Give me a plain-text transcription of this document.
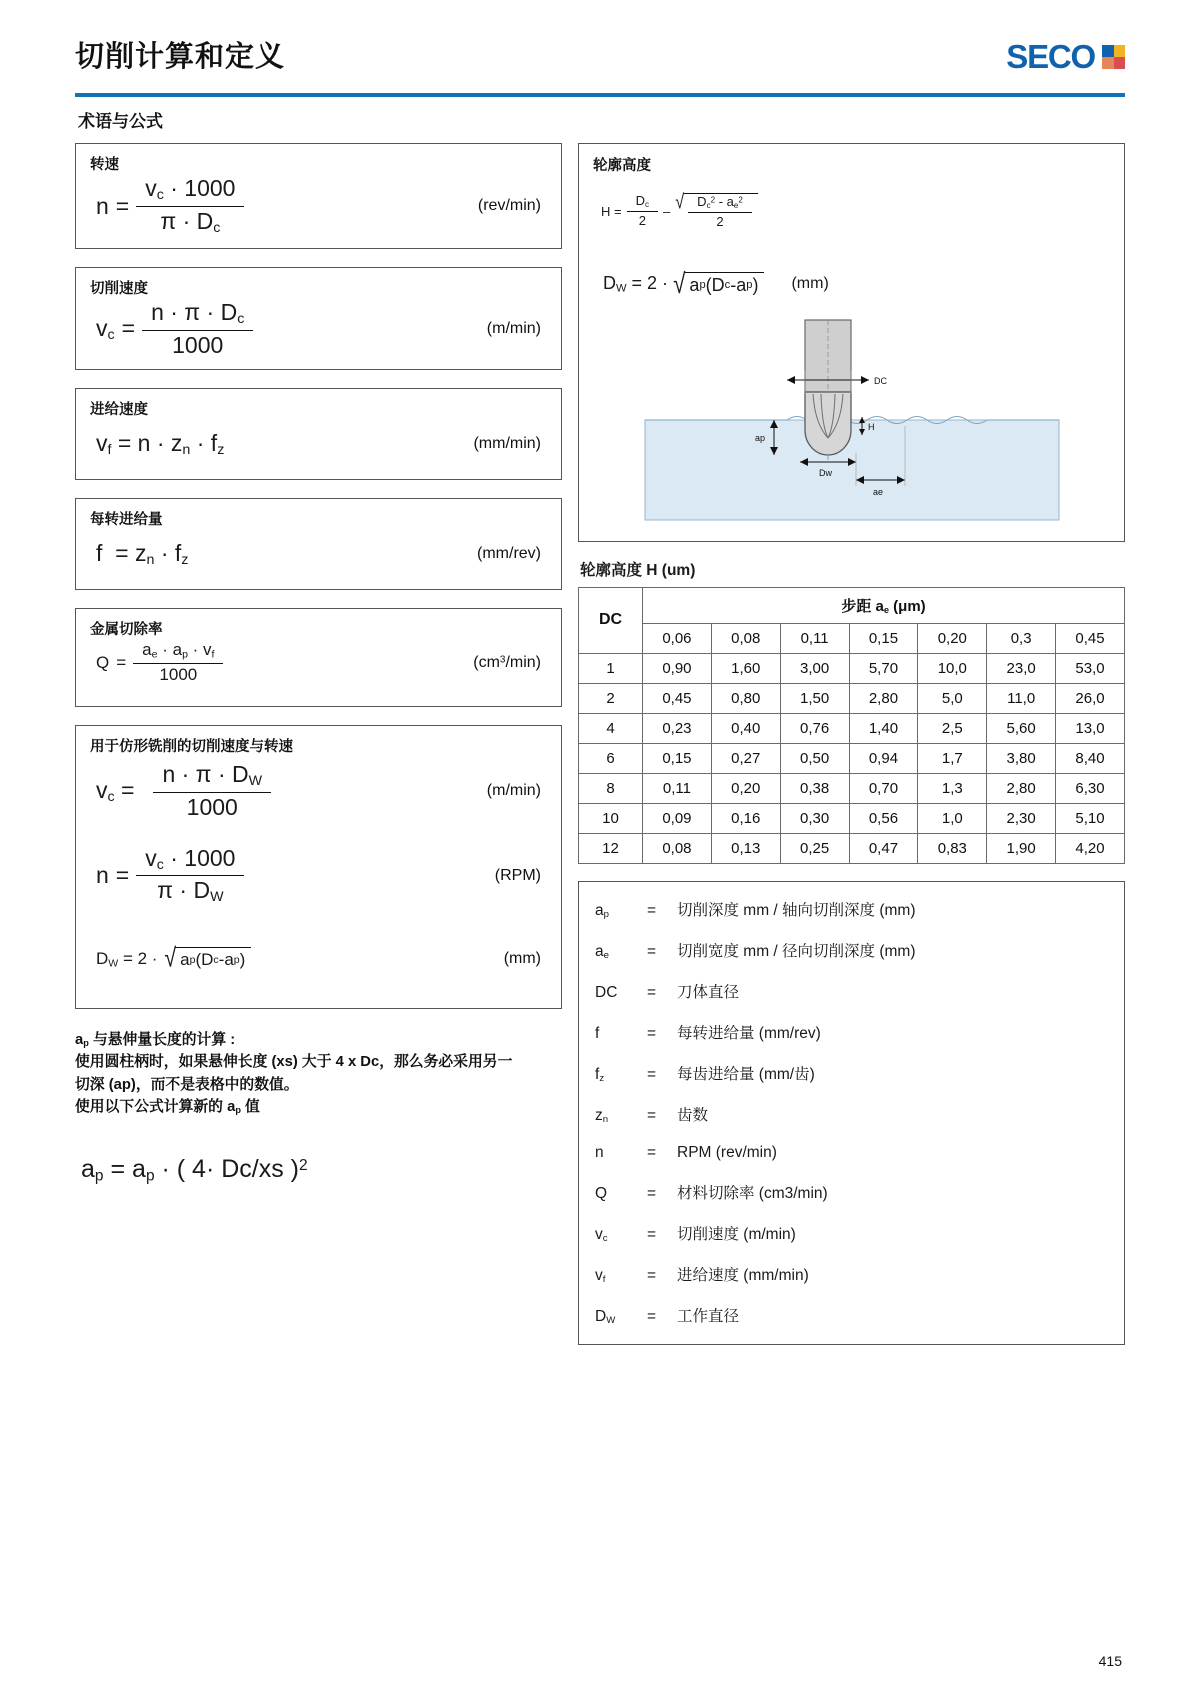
切削计算和定义	SECO
术语与公式
转速
$n = \frac{v_c \cdot 1000}{\pi \cdot D_c}$	(rev/min)
切削速度
$v_c = \frac{n \cdot \pi \cdot D_c}{1000}$	(m/min)
进给速度
$v_f = n \cdot z_n \cdot f_z$	(mm/min)
每转进给量
$f = z_n \cdot f_z$	(mm/rev)
金属切除率
$Q = \frac{a_e \cdot a_p \cdot v_f}{1000}$	$(cm^3/\min)$
用于仿形铣削的切削速度与转速
$v_c = \frac{n \cdot \pi \cdot D_W}{1000}$	(m/min)
$n = \frac{v_c \cdot 1000}{\pi \cdot D_W}$	(RPM)
$D_W = 2$ · √ a p (D c -a p )	(mm)
$a_p$ 与悬伸量长度的计算 :
使用圆柱柄时，如果悬伸长度 (xs) 大于 4 x Dc，那么务必采用另一
切深 (ap)，而不是表格中的数值。
使用以下公式计算新的 $a_p$ 值
$a_p = a_p$ · ( 4· Dc/xs )$^2$
轮廓高度
$H = \frac{D_c}{2}$ – √ $\frac{D_c^2 - a_e^2}{2}$
$D_W = 2$ · √ a p (D c -a p )	(mm)
DC
ap
Dw
ae
H
轮廓高度 H (um)
DC	步距 $a_e$ (μm)						
	0,06	0,08	0,11	0,15	0,20	0,3	0,45
1	0,90	1,60	3,00	5,70	10,0	23,0	53,0
2	0,45	0,80	1,50	2,80	5,0	11,0	26,0
4	0,23	0,40	0,76	1,40	2,5	5,60	13,0
6	0,15	0,27	0,50	0,94	1,7	3,80	8,40
8	0,11	0,20	0,38	0,70	1,3	2,80	6,30
10	0,09	0,16	0,30	0,56	1,0	2,30	5,10
12	0,08	0,13	0,25	0,47	0,83	1,90	4,20
$a_p$	=	切削深度 mm / 轴向切削深度 (mm)
$a_e$	=	切削宽度 mm / 径向切削深度 (mm)
DC	=	刀体直径
f	=	每转进给量 (mm/rev)
$f_z$	=	每齿进给量 (mm/齿)
$z_n$	=	齿数
n	=	RPM (rev/min)
Q	=	材料切除率 (cm3/min)
$v_c$	=	切削速度 (m/min)
$v_f$	=	进给速度 (mm/min)
$D_W$	=	工作直径
415
